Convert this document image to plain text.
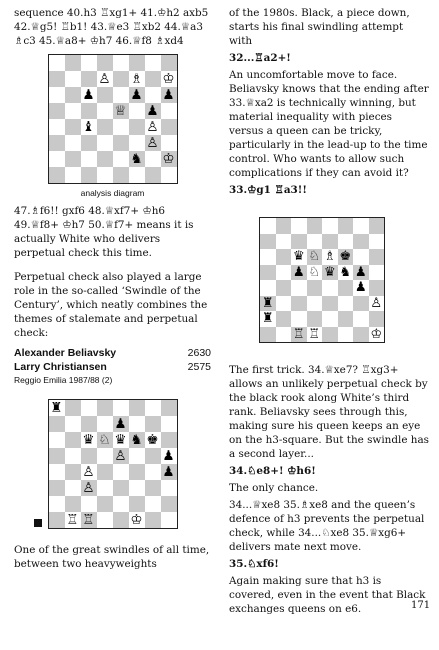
sequence 40.h3 ♖xg1+ 41.♔h2 axb5 42.♕g5! ♖b1! 43.♕e3 ♖xb2 44.♕a3 ♗c3 45.♕a8+ ♔h7 46.♕f8 ♗xd4

♙ ♗ ♔
♟	♟ ♟
♕ ♟
♝	♙
♙
♞ ♔
analysis diagram

47.♗f6!! gxf6 48.♕xf7+ ♔h6 49.♕f8+ ♔h7 50.♕f7+ means it is actually White who delivers perpetual check this time.

Perpetual check also played a large role in the so-called ‘Swindle of the Century’, which neatly combines the themes of stalemate and perpetual check:

Alexander Beliavsky	2630
Larry Christiansen	2575
Reggio Emilia 1987/88 (2)
♜
♟
♛ ♘ ♛ ♞ ♚
♙	♟
♙	♟
♙
♖ ♖	♔

One of the great swindles of all time, between two heavyweights

of the 1980s. Black, a piece down, starts his final swindling attempt with

32...♖a2+!

An uncomfortable move to face. Beliavsky knows that the ending after 33.♕xa2 is technically winning, but material inequality with pieces versus a queen can be tricky, particularly in the lead-up to the time control. Who wants to allow such complications if they can avoid it?

33.♔g1 ♖a3!!

♛ ♘ ♗ ♚
♟ ♘ ♛ ♞ ♟
♟
♜	♙
♜
♖ ♖	♔

The first trick. 34.♕xe7? ♖xg3+ allows an unlikely perpetual check by the black rook along White’s third rank. Beliavsky sees through this, making sure his queen keeps an eye on the h3-square. But the swindle has a second layer...

34.♘e8+! ♔h6!

The only chance.

34...♕xe8 35.♗xe8 and the queen’s defence of h3 prevents the perpetual check, while 34...♘xe8 35.♕xg6+ delivers mate next move.

35.♘xf6!

Again making sure that h3 is covered, even in the event that Black exchanges queens on e6.	171
